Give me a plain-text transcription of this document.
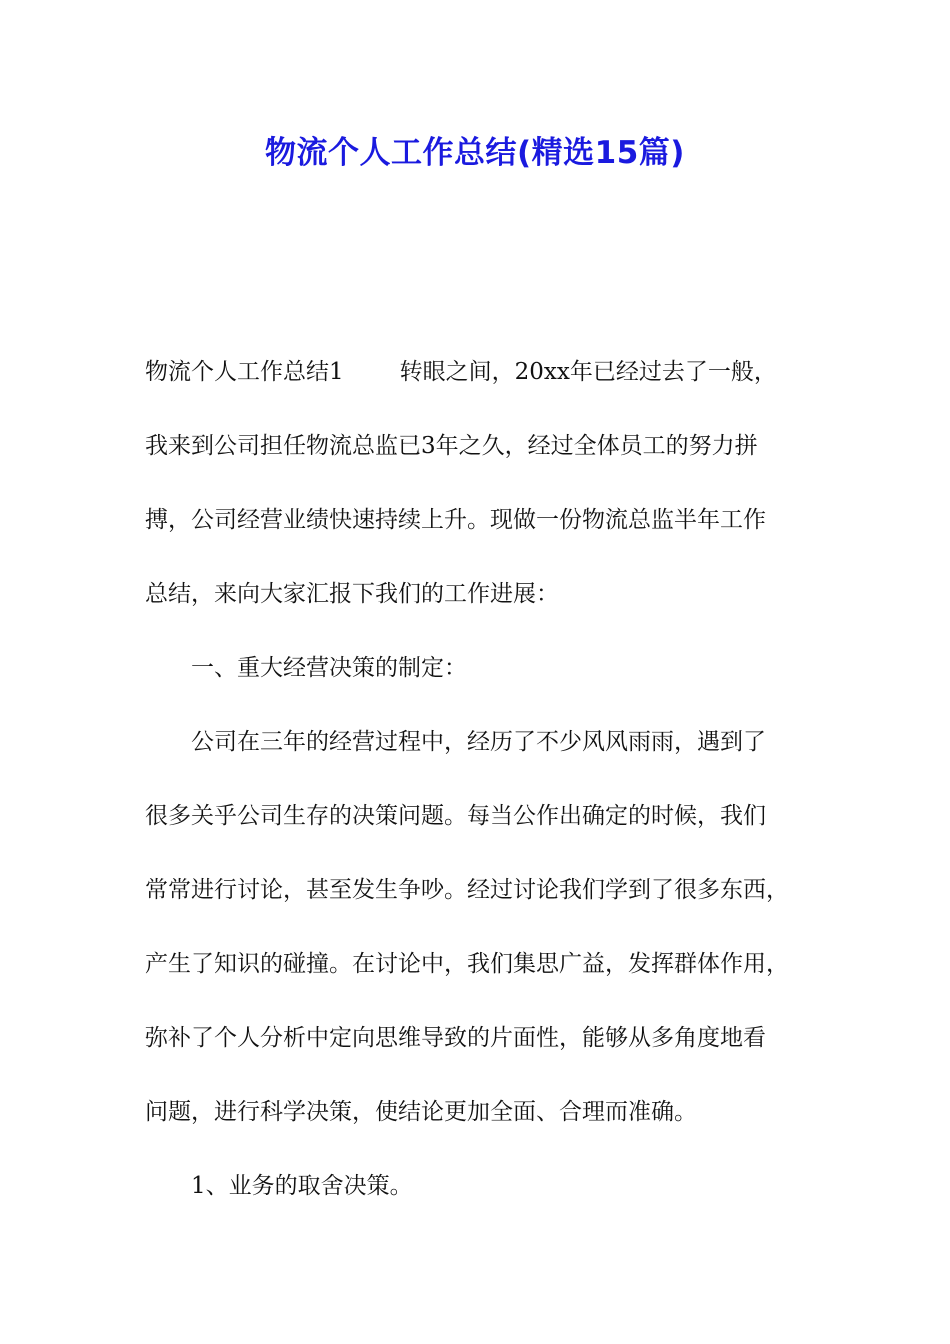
物流个人工作总结(精选15篇)
物流个人工作总结1 转眼之间，20xx年已经过去了一般，
我来到公司担任物流总监已3年之久，经过全体员工的努力拼
搏，公司经营业绩快速持续上升。现做一份物流总监半年工作
总结，来向大家汇报下我们的工作进展：
一、重大经营决策的制定：
公司在三年的经营过程中，经历了不少风风雨雨，遇到了
很多关乎公司生存的决策问题。每当公作出确定的时候，我们
常常进行讨论，甚至发生争吵。经过讨论我们学到了很多东西，
产生了知识的碰撞。在讨论中，我们集思广益，发挥群体作用，
弥补了个人分析中定向思维导致的片面性，能够从多角度地看
问题，进行科学决策，使结论更加全面、合理而准确。
1、业务的取舍决策。
